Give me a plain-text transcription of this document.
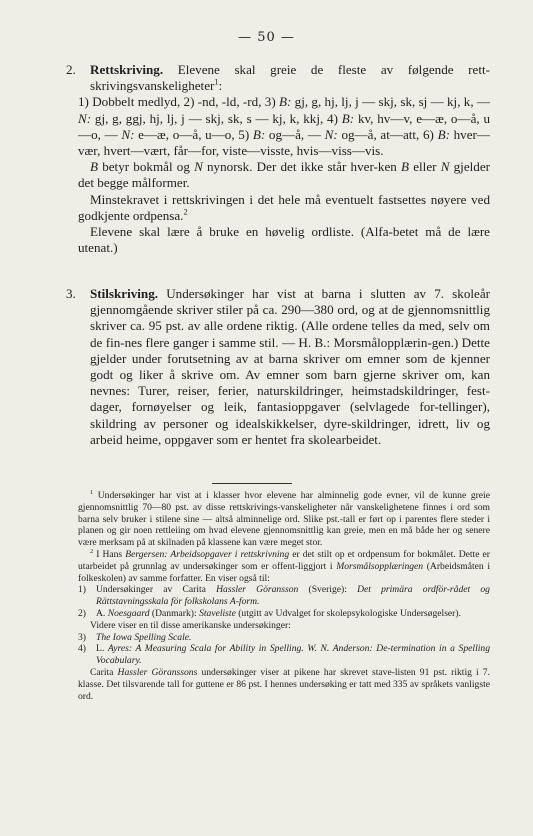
— 50 —

2. Rettskriving. Elevene skal greie de fleste av følgende rett-skrivingsvanskeligheter$^1$:

1) Dobbelt medlyd, 2) -nd, -ld, -rd, 3) B: gj, g, hj, lj, j — skj, sk, sj — kj, k, — N: gj, g, ggj, hj, lj, j — skj, sk, s — kj, k, kkj, 4) B: kv, hv—v, e—æ, o—å, u—o, — N: e—æ, o—å, u—o, 5) B: og—å, — N: og—å, at—att, 6) B: hver—vær, hvert—vært, får—for, viste—visste, hvis—viss—vis.

B betyr bokmål og N nynorsk. Der det ikke står hver-ken B eller N gjelder det begge målformer.

Minstekravet i rettskrivingen i det hele må eventuelt fastsettes nøyere ved godkjente ordpensa.$^2$

Elevene skal lære å bruke en høvelig ordliste. (Alfa-betet må de lære utenat.)

3. Stilskriving. Undersøkinger har vist at barna i slutten av 7. skoleår gjennomgående skriver stiler på ca. 290—380 ord, og at de gjennomsnittlig skriver ca. 95 pst. av alle ordene riktig. (Alle ordene telles da med, selv om de fin-nes flere ganger i samme stil. — H. B.: Morsmålopplærin-gen.) Dette gjelder under forutsetning av at barna skriver om emner som de kjenner godt og liker å skrive om. Av emner som barn gjerne skriver om, kan nevnes: Turer, reiser, ferier, naturskildringer, heimstadskildringer, fest-dager, fornøyelser og leik, fantasioppgaver (selvlagede for-tellinger), skildring av personer og idealskikkelser, dyre-skildringer, idrett, liv og arbeid heime, oppgaver som er hentet fra skolearbeidet.

$^1$ Undersøkinger har vist at i klasser hvor elevene har alminnelig gode evner, vil de kunne greie gjennomsnittlig 70—80 pst. av disse rettskrivings-vanskeligheter når vanskelighetene finnes i ord som barna selv bruker i stilene sine — altså alminnelige ord. Slike pst.-tall er ført op i parentes flere steder i planen og gir noen rettleiing om hvad elevene gjennomsnittlig kan greie, men en må både her og senere være merksam på at skilnaden på klassene kan være meget stor.

$^2$ I Hans Bergersen: Arbeidsopgaver i rettskrivning er det stilt op et ordpensum for bokmålet. Dette er utarbeidet på grunnlag av undersøkinger som er offent-liggjort i Morsmålsopplæringen (Arbeidsmåten i folkeskolen) av samme forfatter. En viser også til:

1) Undersøkinger av Carita Hassler Göransson (Sverige): Det primära ordför-rådet og Rättstavningsskala för folkskolans A-form.

2) A. Noesgaard (Danmark): Staveliste (utgitt av Udvalget for skolepsykologiske Undersøgelser).

Videre viser en til disse amerikanske undersøkinger:

3) The Iowa Spelling Scale.

4) L. Ayres: A Measuring Scala for Ability in Spelling. W. N. Anderson: De-termination in a Spelling Vocabulary.

Carita Hassler Göranssons undersøkinger viser at pikene har skrevet stave-listen 91 pst. riktig i 7. klasse. Det tilsvarende tall for guttene er 86 pst. I hennes undersøking er tatt med 335 av språkets vanligste ord.
